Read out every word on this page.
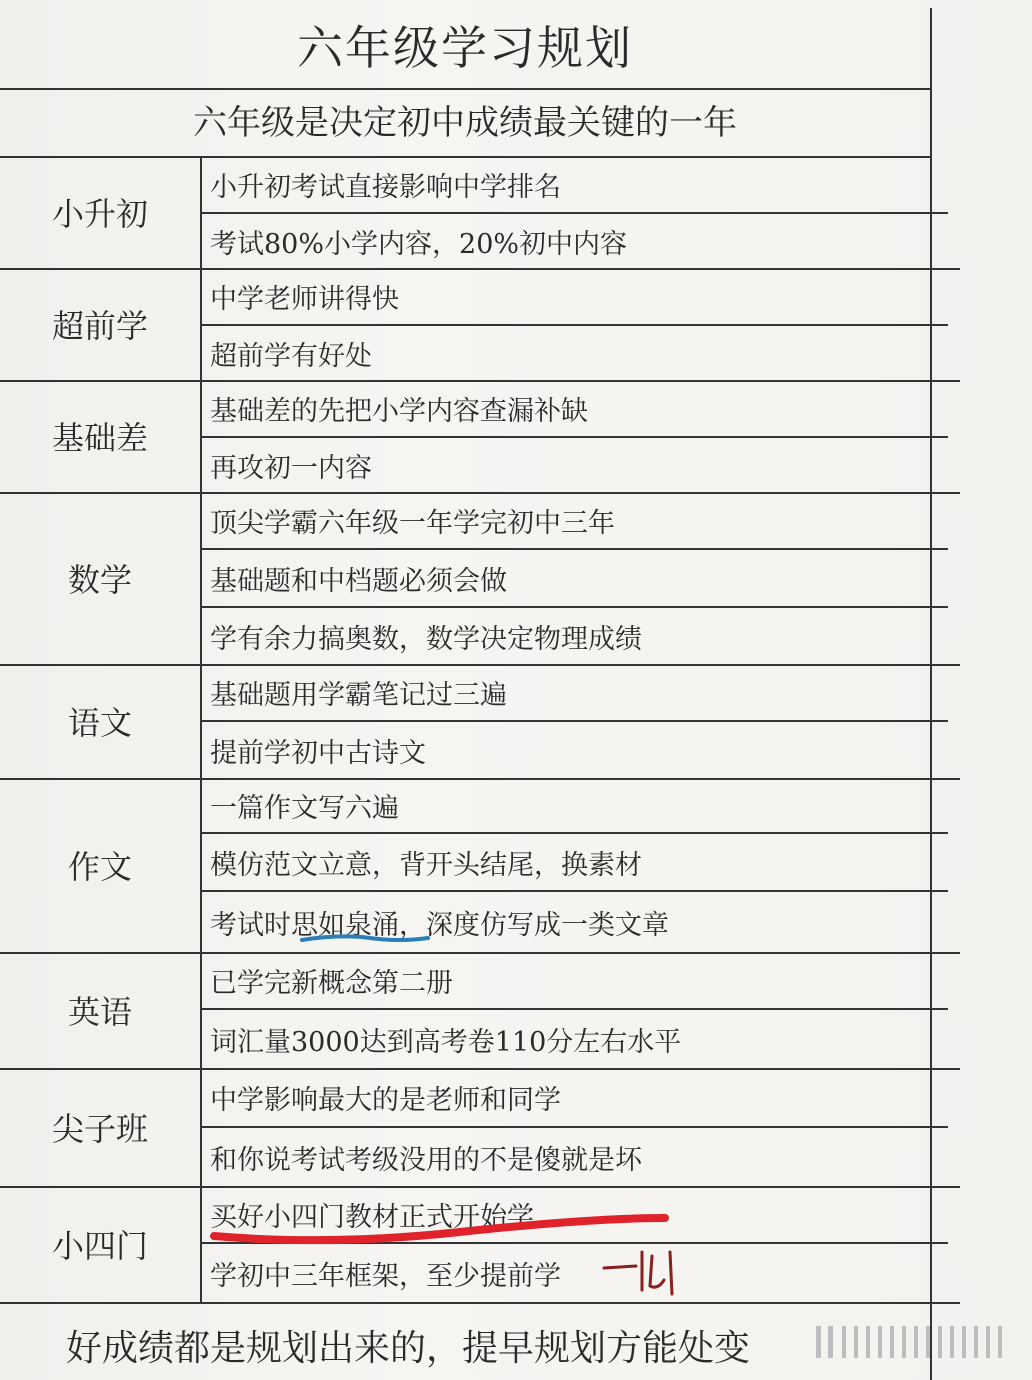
六年级学习规划
六年级是决定初中成绩最关键的一年
小升初
小升初考试直接影响中学排名
考试80%小学内容，20%初中内容
超前学
中学老师讲得快
超前学有好处
基础差
基础差的先把小学内容查漏补缺
再攻初一内容
数学
顶尖学霸六年级一年学完初中三年
基础题和中档题必须会做
学有余力搞奥数，数学决定物理成绩
语文
基础题用学霸笔记过三遍
提前学初中古诗文
作文
一篇作文写六遍
模仿范文立意，背开头结尾，换素材
考试时思如泉涌，深度仿写成一类文章
英语
已学完新概念第二册
词汇量3000达到高考卷110分左右水平
尖子班
中学影响最大的是老师和同学
和你说考试考级没用的不是傻就是坏
小四门
买好小四门教材正式开始学
学初中三年框架，至少提前学
好成绩都是规划出来的，提早规划方能处变
